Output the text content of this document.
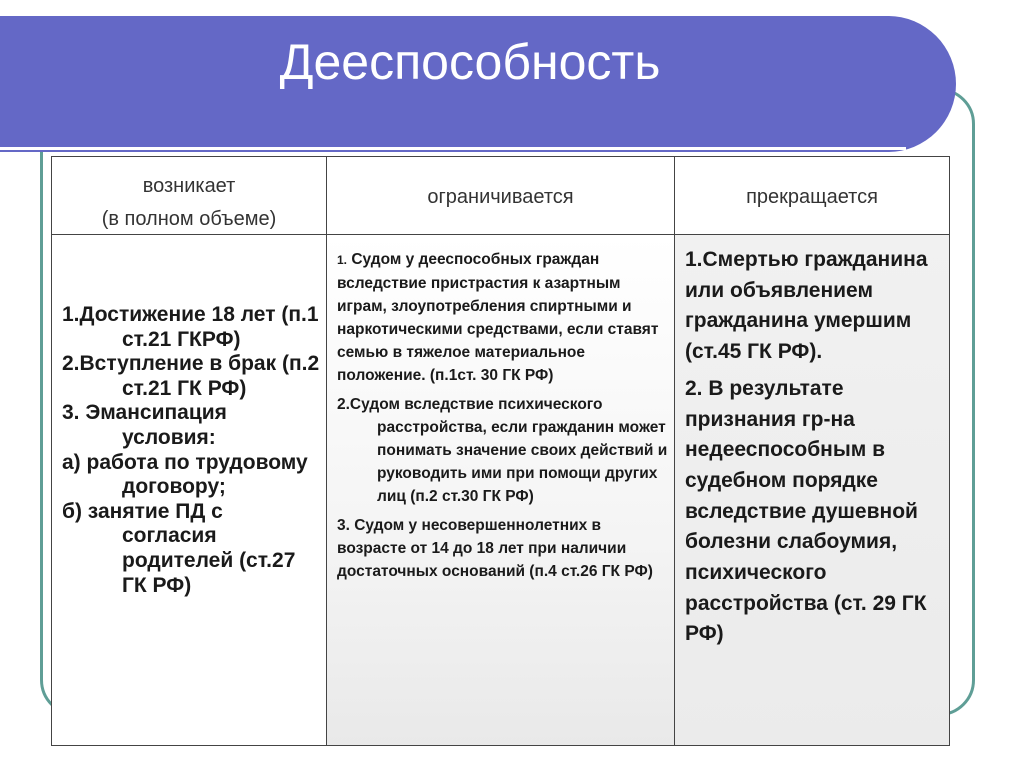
Дееспособность
возникает
(в полном объеме)
ограничивается	прекращается
1.Достижение 18 лет (п.1 ст.21 ГКРФ)
2.Вступление в брак (п.2 ст.21 ГК РФ)
3. Эмансипация условия:
а) работа по трудовому договору;
б) занятие ПД с согласия родителей (ст.27 ГК РФ)
1. Судом у дееспособных граждан вследствие пристрастия к азартным играм, злоупотребления спиртными и наркотическими средствами, если ставят семью в тяжелое материальное положение. (п.1ст. 30 ГК РФ)
2.Судом вследствие психического расстройства, если гражданин может понимать значение своих действий и руководить ими при помощи других лиц (п.2 ст.30 ГК РФ)
3. Судом у несовершеннолетних в возрасте от 14 до 18 лет при наличии достаточных оснований (п.4 ст.26 ГК РФ)
1.Смертью гражданина или объявлением гражданина умершим (ст.45 ГК РФ).
2. В результате признания гр-на недееспособным в судебном порядке вследствие душевной болезни слабоумия, психического расстройства (ст. 29 ГК РФ)
